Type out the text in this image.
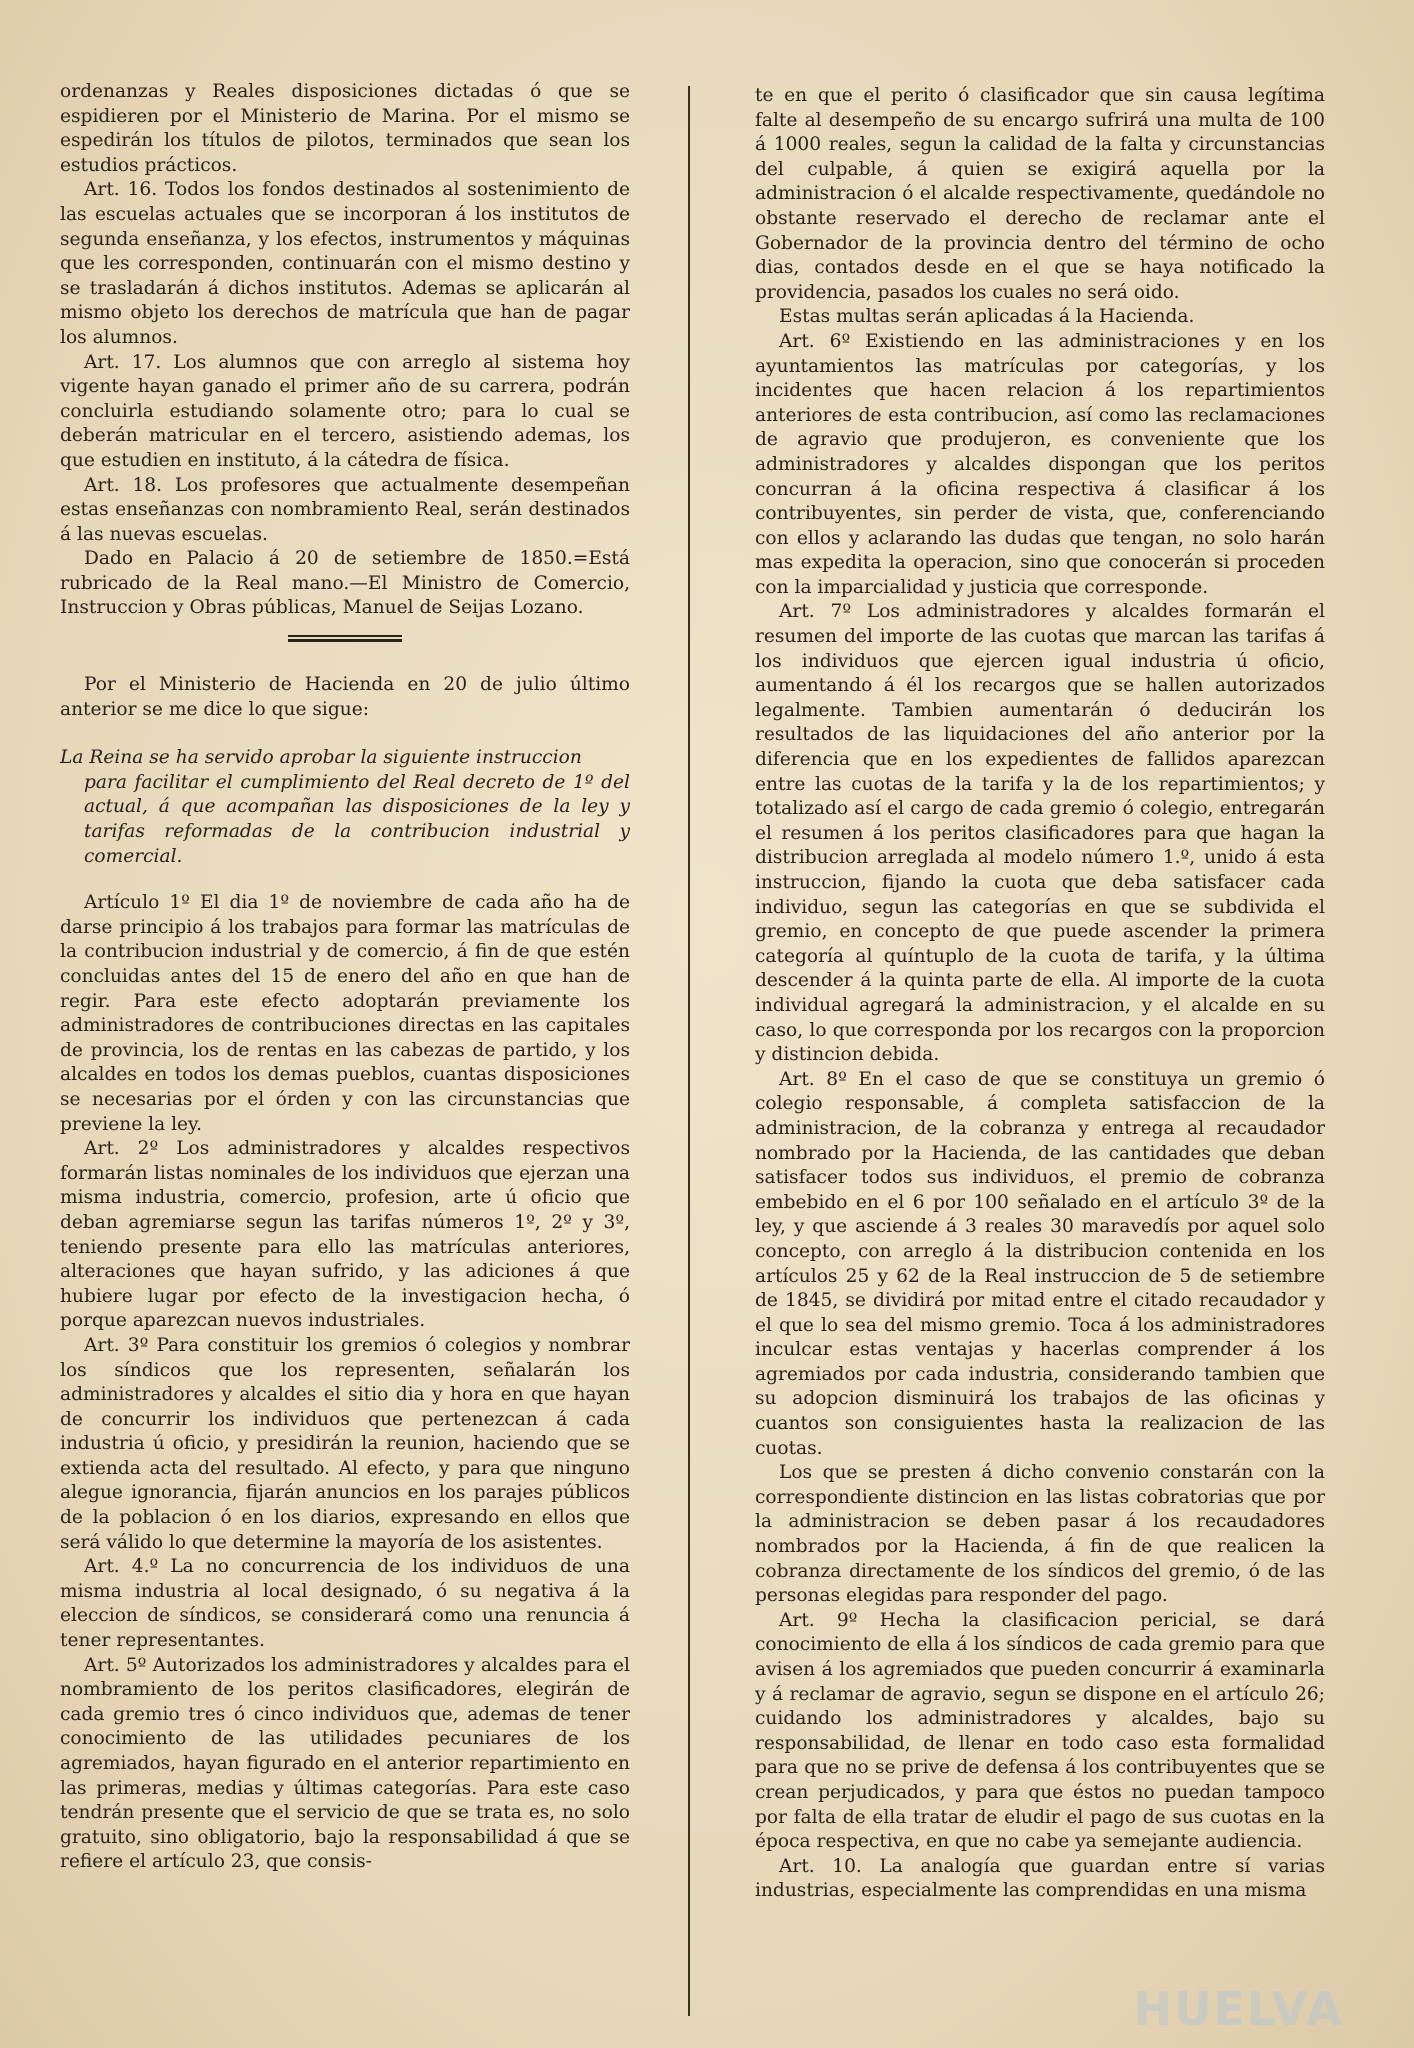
ordenanzas y Reales disposiciones dictadas ó que se espidieren por el Ministerio de Marina. Por el mismo se espedirán los títulos de pilotos, terminados que sean los estudios prácticos.

Art. 16. Todos los fondos destinados al sostenimiento de las escuelas actuales que se incorporan á los institutos de segunda enseñanza, y los efectos, instrumentos y máquinas que les corresponden, continuarán con el mismo destino y se trasladarán á dichos institutos. Ademas se aplicarán al mismo objeto los derechos de matrícula que han de pagar los alumnos.

Art. 17. Los alumnos que con arreglo al sistema hoy vigente hayan ganado el primer año de su carrera, podrán concluirla estudiando solamente otro; para lo cual se deberán matricular en el tercero, asistiendo ademas, los que estudien en instituto, á la cátedra de física.

Art. 18. Los profesores que actualmente desempeñan estas enseñanzas con nombramiento Real, serán destinados á las nuevas escuelas.

Dado en Palacio á 20 de setiembre de 1850.=Está rubricado de la Real mano.—El Ministro de Comercio, Instruccion y Obras públicas, Manuel de Seijas Lozano.

Por el Ministerio de Hacienda en 20 de julio último anterior se me dice lo que sigue:

La Reina se ha servido aprobar la siguiente instruccion
para facilitar el cumplimiento del Real decreto de 1º del actual, á que acompañan las disposiciones de la ley y tarifas reformadas de la contribucion industrial y comercial.

Artículo 1º El dia 1º de noviembre de cada año ha de darse principio á los trabajos para formar las matrículas de la contribucion industrial y de comercio, á fin de que estén concluidas antes del 15 de enero del año en que han de regir. Para este efecto adoptarán previamente los administradores de contribuciones directas en las capitales de provincia, los de rentas en las cabezas de partido, y los alcaldes en todos los demas pueblos, cuantas disposiciones se necesarias por el órden y con las circunstancias que previene la ley.

Art. 2º Los administradores y alcaldes respectivos formarán listas nominales de los individuos que ejerzan una misma industria, comercio, profesion, arte ú oficio que deban agremiarse segun las tarifas números 1º, 2º y 3º, teniendo presente para ello las matrículas anteriores, alteraciones que hayan sufrido, y las adiciones á que hubiere lugar por efecto de la investigacion hecha, ó porque aparezcan nuevos industriales.

Art. 3º Para constituir los gremios ó colegios y nombrar los síndicos que los representen, señalarán los administradores y alcaldes el sitio dia y hora en que hayan de concurrir los individuos que pertenezcan á cada industria ú oficio, y presidirán la reunion, haciendo que se extienda acta del resultado. Al efecto, y para que ninguno alegue ignorancia, fijarán anuncios en los parajes públicos de la poblacion ó en los diarios, expresando en ellos que será válido lo que determine la mayoría de los asistentes.

Art. 4.º La no concurrencia de los individuos de una misma industria al local designado, ó su negativa á la eleccion de síndicos, se considerará como una renuncia á tener representantes.

Art. 5º Autorizados los administradores y alcaldes para el nombramiento de los peritos clasificadores, elegirán de cada gremio tres ó cinco individuos que, ademas de tener conocimiento de las utilidades pecuniares de los agremiados, hayan figurado en el anterior repartimiento en las primeras, medias y últimas categorías. Para este caso tendrán presente que el servicio de que se trata es, no solo gratuito, sino obligatorio, bajo la responsabilidad á que se refiere el artículo 23, que consis-

te en que el perito ó clasificador que sin causa legítima falte al desempeño de su encargo sufrirá una multa de 100 á 1000 reales, segun la calidad de la falta y circunstancias del culpable, á quien se exigirá aquella por la administracion ó el alcalde respectivamente, quedándole no obstante reservado el derecho de reclamar ante el Gobernador de la provincia dentro del término de ocho dias, contados desde en el que se haya notificado la providencia, pasados los cuales no será oido.

Estas multas serán aplicadas á la Hacienda.

Art. 6º Existiendo en las administraciones y en los ayuntamientos las matrículas por categorías, y los incidentes que hacen relacion á los repartimientos anteriores de esta contribucion, así como las reclamaciones de agravio que produjeron, es conveniente que los administradores y alcaldes dispongan que los peritos concurran á la oficina respectiva á clasificar á los contribuyentes, sin perder de vista, que, conferenciando con ellos y aclarando las dudas que tengan, no solo harán mas expedita la operacion, sino que conocerán si proceden con la imparcialidad y justicia que corresponde.

Art. 7º Los administradores y alcaldes formarán el resumen del importe de las cuotas que marcan las tarifas á los individuos que ejercen igual industria ú oficio, aumentando á él los recargos que se hallen autorizados legalmente. Tambien aumentarán ó deducirán los resultados de las liquidaciones del año anterior por la diferencia que en los expedientes de fallidos aparezcan entre las cuotas de la tarifa y la de los repartimientos; y totalizado así el cargo de cada gremio ó colegio, entregarán el resumen á los peritos clasificadores para que hagan la distribucion arreglada al modelo número 1.º, unido á esta instruccion, fijando la cuota que deba satisfacer cada individuo, segun las categorías en que se subdivida el gremio, en concepto de que puede ascender la primera categoría al quíntuplo de la cuota de tarifa, y la última descender á la quinta parte de ella. Al importe de la cuota individual agregará la administracion, y el alcalde en su caso, lo que corresponda por los recargos con la proporcion y distincion debida.

Art. 8º En el caso de que se constituya un gremio ó colegio responsable, á completa satisfaccion de la administracion, de la cobranza y entrega al recaudador nombrado por la Hacienda, de las cantidades que deban satisfacer todos sus individuos, el premio de cobranza embebido en el 6 por 100 señalado en el artículo 3º de la ley, y que asciende á 3 reales 30 maravedís por aquel solo concepto, con arreglo á la distribucion contenida en los artículos 25 y 62 de la Real instruccion de 5 de setiembre de 1845, se dividirá por mitad entre el citado recaudador y el que lo sea del mismo gremio. Toca á los administradores inculcar estas ventajas y hacerlas comprender á los agremiados por cada industria, considerando tambien que su adopcion disminuirá los trabajos de las oficinas y cuantos son consiguientes hasta la realizacion de las cuotas.

Los que se presten á dicho convenio constarán con la correspondiente distincion en las listas cobratorias que por la administracion se deben pasar á los recaudadores nombrados por la Hacienda, á fin de que realicen la cobranza directamente de los síndicos del gremio, ó de las personas elegidas para responder del pago.

Art. 9º Hecha la clasificacion pericial, se dará conocimiento de ella á los síndicos de cada gremio para que avisen á los agremiados que pueden concurrir á examinarla y á reclamar de agravio, segun se dispone en el artículo 26; cuidando los administradores y alcaldes, bajo su responsabilidad, de llenar en todo caso esta formalidad para que no se prive de defensa á los contribuyentes que se crean perjudicados, y para que éstos no puedan tampoco por falta de ella tratar de eludir el pago de sus cuotas en la época respectiva, en que no cabe ya semejante audiencia.

Art. 10. La analogía que guardan entre sí varias industrias, especialmente las comprendidas en una misma

HUELVA
